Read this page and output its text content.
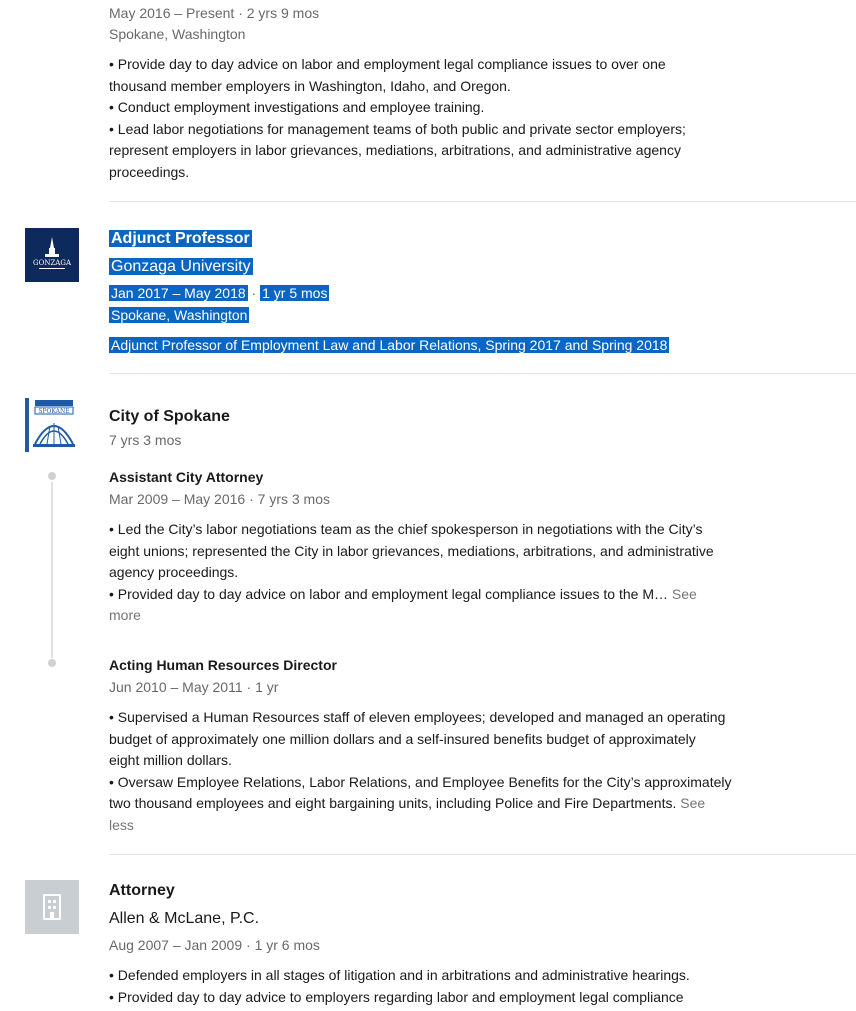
May 2016 – Present · 2 yrs 9 mos
Spokane, Washington
• Provide day to day advice on labor and employment legal compliance issues to over one
thousand member employers in Washington, Idaho, and Oregon.
• Conduct employment investigations and employee training.
• Lead labor negotiations for management teams of both public and private sector employers;
represent employers in labor grievances, mediations, arbitrations, and administrative agency
proceedings.
GONZAGA
Adjunct Professor
Gonzaga University
Jan 2017 – May 2018 · 1 yr 5 mos
Spokane, Washington
Adjunct Professor of Employment Law and Labor Relations, Spring 2017 and Spring 2018
SPOKANE City of Spokane
7 yrs 3 mos
Assistant City Attorney
Mar 2009 – May 2016 · 7 yrs 3 mos
• Led the City’s labor negotiations team as the chief spokesperson in negotiations with the City’s
eight unions; represented the City in labor grievances, mediations, arbitrations, and administrative
agency proceedings.
• Provided day to day advice on labor and employment legal compliance issues to the M… See
more
Acting Human Resources Director
Jun 2010 – May 2011 · 1 yr
• Supervised a Human Resources staff of eleven employees; developed and managed an operating
budget of approximately one million dollars and a self-insured benefits budget of approximately
eight million dollars.
• Oversaw Employee Relations, Labor Relations, and Employee Benefits for the City’s approximately
two thousand employees and eight bargaining units, including Police and Fire Departments. See
less
Attorney
Allen & McLane, P.C.
Aug 2007 – Jan 2009 · 1 yr 6 mos
• Defended employers in all stages of litigation and in arbitrations and administrative hearings.
• Provided day to day advice to employers regarding labor and employment legal compliance
